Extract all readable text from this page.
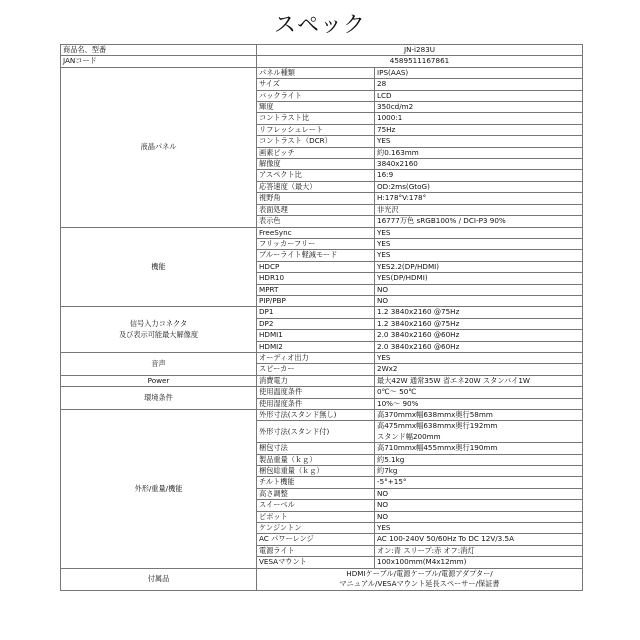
スペック
商品名、型番	JN-i283U	
JANコード	4589511167861	
液晶パネル	パネル種類	IPS(AAS)
	サイズ	28
	バックライト	LCD
	輝度	350cd/m2
	コントラスト比	1000:1
	リフレッシュレート	75Hz
	コントラスト（DCR）	YES
	画素ピッチ	約0.163mm
	解像度	3840x2160
	アスペクト比	16:9
	応答速度（最大）	OD:2ms(GtoG)
	視野角	H:178°V:178°
	表面処理	非光沢
	表示色	16777万色 sRGB100% / DCI-P3 90%
機能	FreeSync	YES
	フリッカーフリー	YES
	ブルーライト軽減モード	YES
	HDCP	YES2.2(DP/HDMI)
	HDR10	YES(DP/HDMI)
	MPRT	NO
	PIP/PBP	NO
信号入力コネクタ
及び表示可能最大解像度	DP1	1.2 3840x2160 @75Hz
	DP2	1.2 3840x2160 @75Hz
	HDMI1	2.0 3840x2160 @60Hz
	HDMI2	2.0 3840x2160 @60Hz
音声	オーディオ出力	YES
	スピーカー	2Wx2
Power	消費電力	最大42W 通常35W 省エネ20W スタンバイ1W
環境条件	使用温度条件	0℃～ 50℃
	使用湿度条件	10%～ 90%
外形/重量/機能	外形寸法(スタンド無し)	高370mmx幅638mmx奥行58mm
	外形寸法(スタンド付)	高475mmx幅638mmx奥行192mm
スタンド幅200mm
	梱包寸法	高710mmx幅455mmx奥行190mm
	製品重量（ｋｇ）	約5.1kg
	梱包総重量（ｋｇ）	約7kg
	チルト機能	-5°+15°
	高さ調整	NO
	スイーベル	NO
	ピボット	NO
	ケンジントン	YES
	AC パワーレンジ	AC 100-240V 50/60Hz To DC 12V/3.5A
	電源ライト	オン:青 スリープ:赤 オフ:消灯
	VESAマウント	100x100mm(M4x12mm)
付属品	HDMIケーブル/電源ケーブル/電源アダプター/
マニュアル/VESAマウント延長スペーサー/保証書	
